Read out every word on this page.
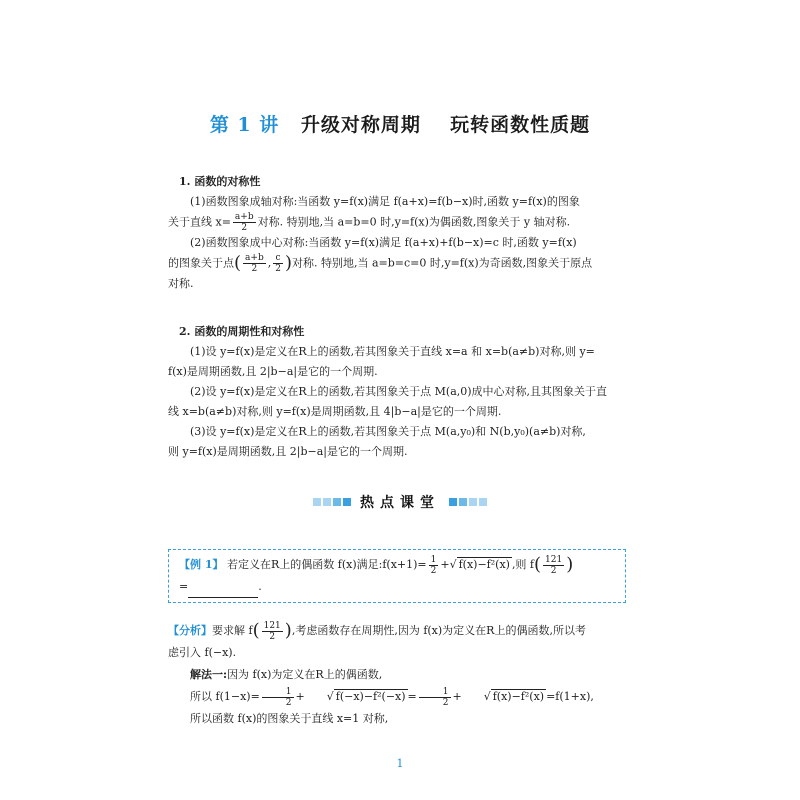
第 1 讲 升级对称周期 玩转函数性质题

1. 函数的对称性

(1)函数图象成轴对称:当函数 y=f(x)满足 f(a+x)=f(b−x)时,函数 y=f(x)的图象

关于直线 $x= \frac{a+b}{2}$ 对称. 特别地,当 a=b=0 时,y=f(x)为偶函数,图象关于 y 轴对称.

(2)函数图象成中心对称:当函数 y=f(x)满足 f(a+x)+f(b−x)=c 时,函数 y=f(x)

的图象关于点( $\frac{a+b}{2}$ , $\frac{c}{2}$ )对称. 特别地,当 a=b=c=0 时,y=f(x)为奇函数,图象关于原点

对称.

2. 函数的周期性和对称性

(1)设 y=f(x)是定义在R上的函数,若其图象关于直线 x=a 和 x=b(a≠b)对称,则 y=

f(x)是周期函数,且 2|b−a|是它的一个周期.

(2)设 y=f(x)是定义在R上的函数,若其图象关于点 M(a,0)成中心对称,且其图象关于直

线 x=b(a≠b)对称,则 y=f(x)是周期函数,且 4|b−a|是它的一个周期.

(3)设 y=f(x)是定义在R上的函数,若其图象关于点 M(a,y₀)和 N(b,y₀)(a≠b)对称,

则 y=f(x)是周期函数,且 2|b−a|是它的一个周期.

热点课堂
【例 1】 若定义在R上的偶函数 f(x)满足:f(x+1)= $\frac{1}{2}$ +√ f(x)−f²(x) ,则 $f( \frac{121}{2}$ )
=	.

【分析】要求解 $f( \frac{121}{2}$ ),考虑函数存在周期性,因为 f(x)为定义在R上的偶函数,所以考

虑引入 f(−x).

解法一:因为 f(x)为定义在R上的偶函数,

所以 $f(1-x)= \frac{1}{2}$ + √ $f(-x)-f^2(-x) = \frac{1}{2}$ + √ f(x)−f²(x) =f(1+x),

所以函数 f(x)的图象关于直线 x=1 对称,

1
